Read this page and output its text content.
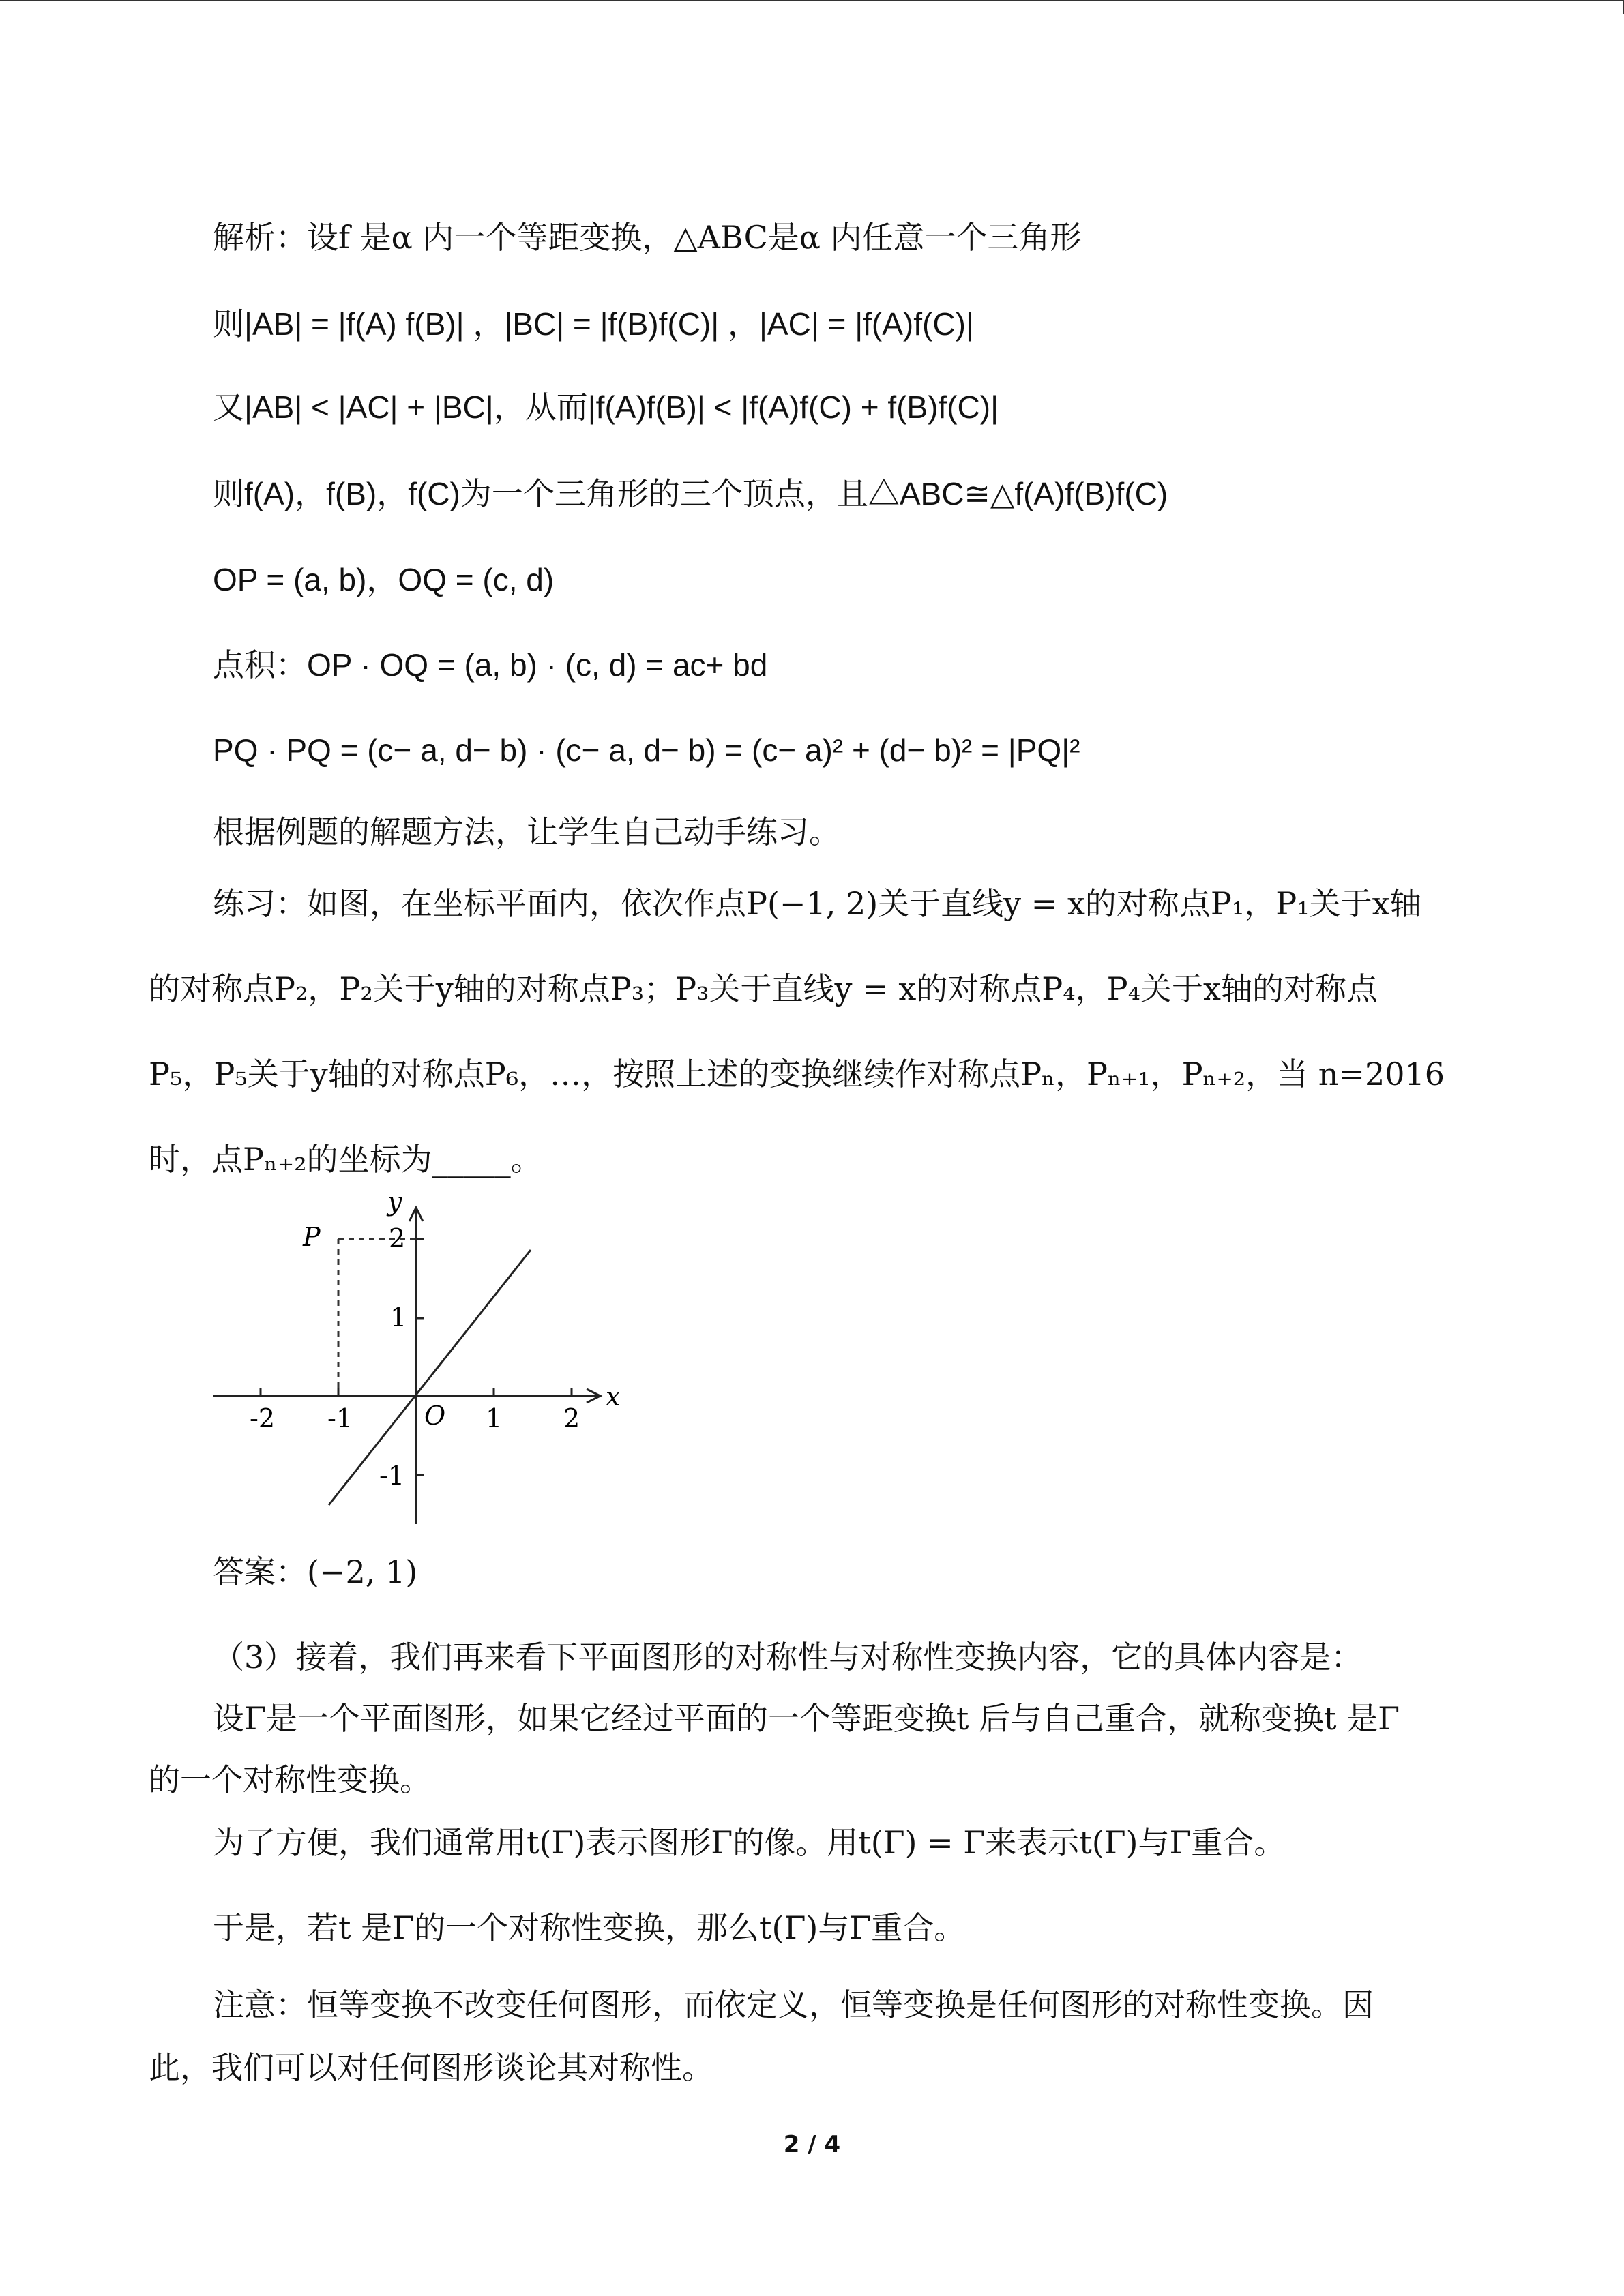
解析：设f 是α 内一个等距变换，△ABC是α 内任意一个三角形
则|AB| = |f(A) f(B)| ，|BC| = |f(B)f(C)| ，|AC| = |f(A)f(C)|
又|AB| < |AC| + |BC|，从而|f(A)f(B)| < |f(A)f(C) + f(B)f(C)|
则f(A)，f(B)，f(C)为一个三角形的三个顶点，且△ABC≅△f(A)f(B)f(C)
OP = (a, b)，OQ = (c, d)
点积：OP · OQ = (a, b) · (c, d) = ac+ bd
PQ · PQ = (c− a, d− b) · (c− a, d− b) = (c− a)² + (d− b)² = |PQ|²
根据例题的解题方法，让学生自己动手练习。
练习：如图，在坐标平面内，依次作点P(−1, 2)关于直线y = x的对称点P₁，P₁关于x轴
的对称点P₂，P₂关于y轴的对称点P₃；P₃关于直线y = x的对称点P₄，P₄关于x轴的对称点
P₅，P₅关于y轴的对称点P₆，…，按照上述的变换继续作对称点Pₙ，Pₙ₊₁，Pₙ₊₂，当 n=2016
时，点Pₙ₊₂的坐标为_____。
-2 -1	1 2
2
1
-1
O
x
y
P
答案：(−2, 1)
（3）接着，我们再来看下平面图形的对称性与对称性变换内容，它的具体内容是：
设Γ是一个平面图形，如果它经过平面的一个等距变换t 后与自己重合，就称变换t 是Γ
的一个对称性变换。
为了方便，我们通常用t(Γ)表示图形Γ的像。用t(Γ) = Γ来表示t(Γ)与Γ重合。
于是，若t 是Γ的一个对称性变换，那么t(Γ)与Γ重合。
注意：恒等变换不改变任何图形，而依定义，恒等变换是任何图形的对称性变换。因
此，我们可以对任何图形谈论其对称性。
2 / 4
